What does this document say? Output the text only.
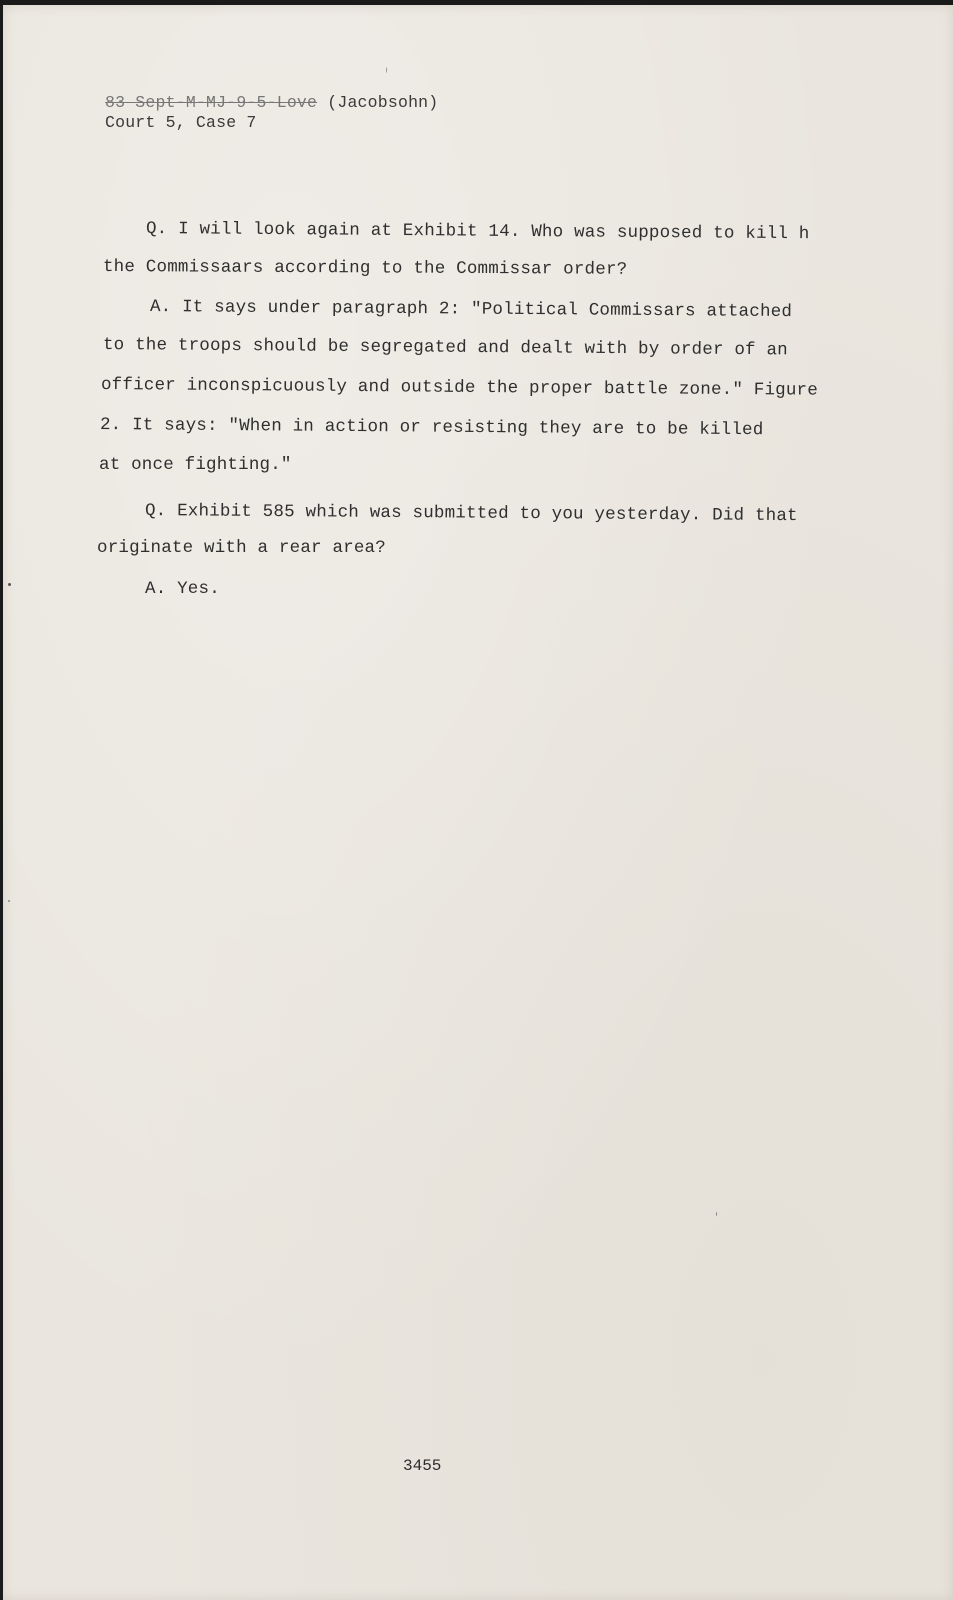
83 Sept-M-MJ-9-5-Love (Jacobsohn)
Court 5, Case 7
Q. I will look again at Exhibit 14. Who was supposed to kill h
the Commissaars according to the Commissar order?
A. It says under paragraph 2: "Political Commissars attached
to the troops should be segregated and dealt with by order of an
officer inconspicuously and outside the proper battle zone." Figure
2. It says: "When in action or resisting they are to be killed
at once fighting."
Q. Exhibit 585 which was submitted to you yesterday. Did that
originate with a rear area?
A. Yes.
3455
